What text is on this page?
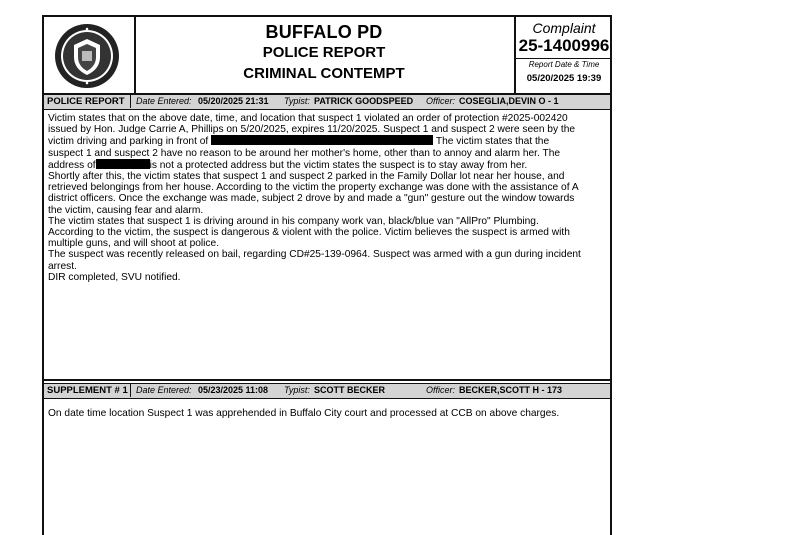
BUFFALO PD
POLICE REPORT
CRIMINAL CONTEMPT
Complaint
25-1400996
Report Date & Time
05/20/2025 19:39
POLICE REPORT Date Entered: 05/20/2025 21:31 Typist: PATRICK GOODSPEED Officer: COSEGLIA,DEVIN O - 1

Victim states that on the above date, time, and location that suspect 1 violated an order of protection #2025-002420

issued by Hon. Judge Carrie A, Phillips on 5/20/2025, expires 11/20/2025. Suspect 1 and suspect 2 were seen by the

victim driving and parking in front of	The victim states that the

suspect 1 and suspect 2 have no reason to be around her mother's home, other than to annoy and alarm her. The

address of	is not a protected address but the victim states the suspect is to stay away from her.

Shortly after this, the victim states that suspect 1 and suspect 2 parked in the Family Dollar lot near her house, and

retrieved belongings from her house. According to the victim the property exchange was done with the assistance of A

district officers. Once the exchange was made, subject 2 drove by and made a "gun" gesture out the window towards

the victim, causing fear and alarm.

The victim states that suspect 1 is driving around in his company work van, black/blue van "AllPro" Plumbing.

According to the victim, the suspect is dangerous & violent with the police. Victim believes the suspect is armed with

multiple guns, and will shoot at police.

The suspect was recently released on bail, regarding CD#25-139-0964. Suspect was armed with a gun during incident

arrest.

DIR completed, SVU notified.

SUPPLEMENT # 1 Date Entered: 05/23/2025 11:08 Typist: SCOTT BECKER	Officer: BECKER,SCOTT H - 173

On date time location Suspect 1 was apprehended in Buffalo City court and processed at CCB on above charges.
